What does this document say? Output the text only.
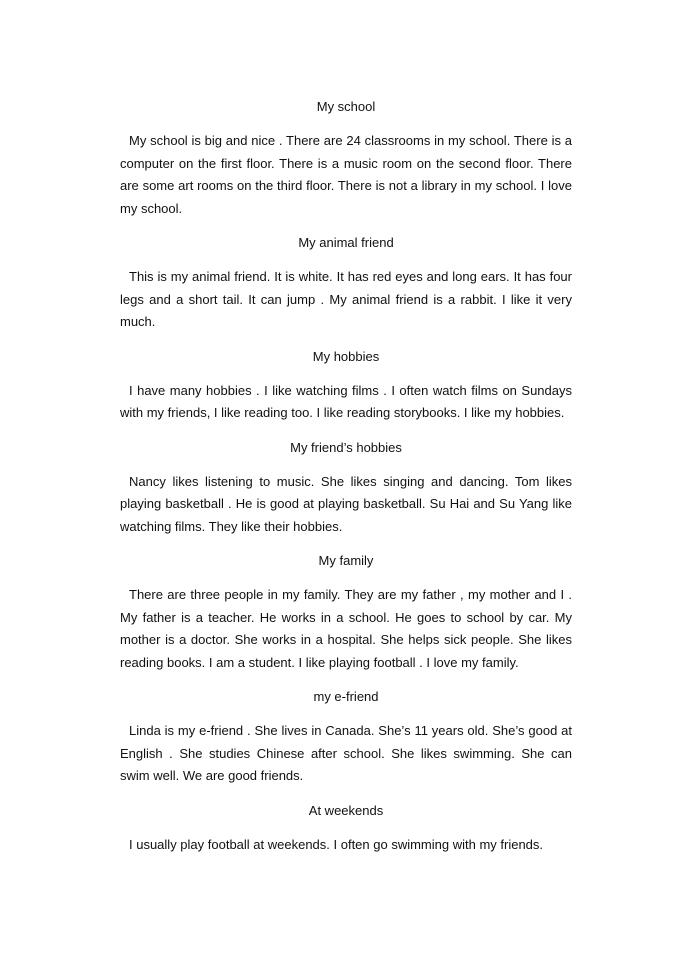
My school

My school is big and nice . There are 24 classrooms in my school. There is a computer on the first floor. There is a music room on the second floor. There are some art rooms on the third floor. There is not a library in my school. I love my school.

My animal friend

This is my animal friend. It is white. It has red eyes and long ears. It has four legs and a short tail. It can jump . My animal friend is a rabbit. I like it very much.

My hobbies

I have many hobbies . I like watching films . I often watch films on Sundays with my friends, I like reading too. I like reading storybooks. I like my hobbies.

My friend’s hobbies

Nancy likes listening to music. She likes singing and dancing. Tom likes playing basketball . He is good at playing basketball. Su Hai and Su Yang like watching films. They like their hobbies.

My family

There are three people in my family. They are my father , my mother and I . My father is a teacher. He works in a school. He goes to school by car. My mother is a doctor. She works in a hospital. She helps sick people. She likes reading books. I am a student. I like playing football . I love my family.

my e-friend

Linda is my e-friend . She lives in Canada. She’s 11 years old. She’s good at English . She studies Chinese after school. She likes swimming. She can swim well. We are good friends.

At weekends

I usually play football at weekends. I often go swimming with my friends.
